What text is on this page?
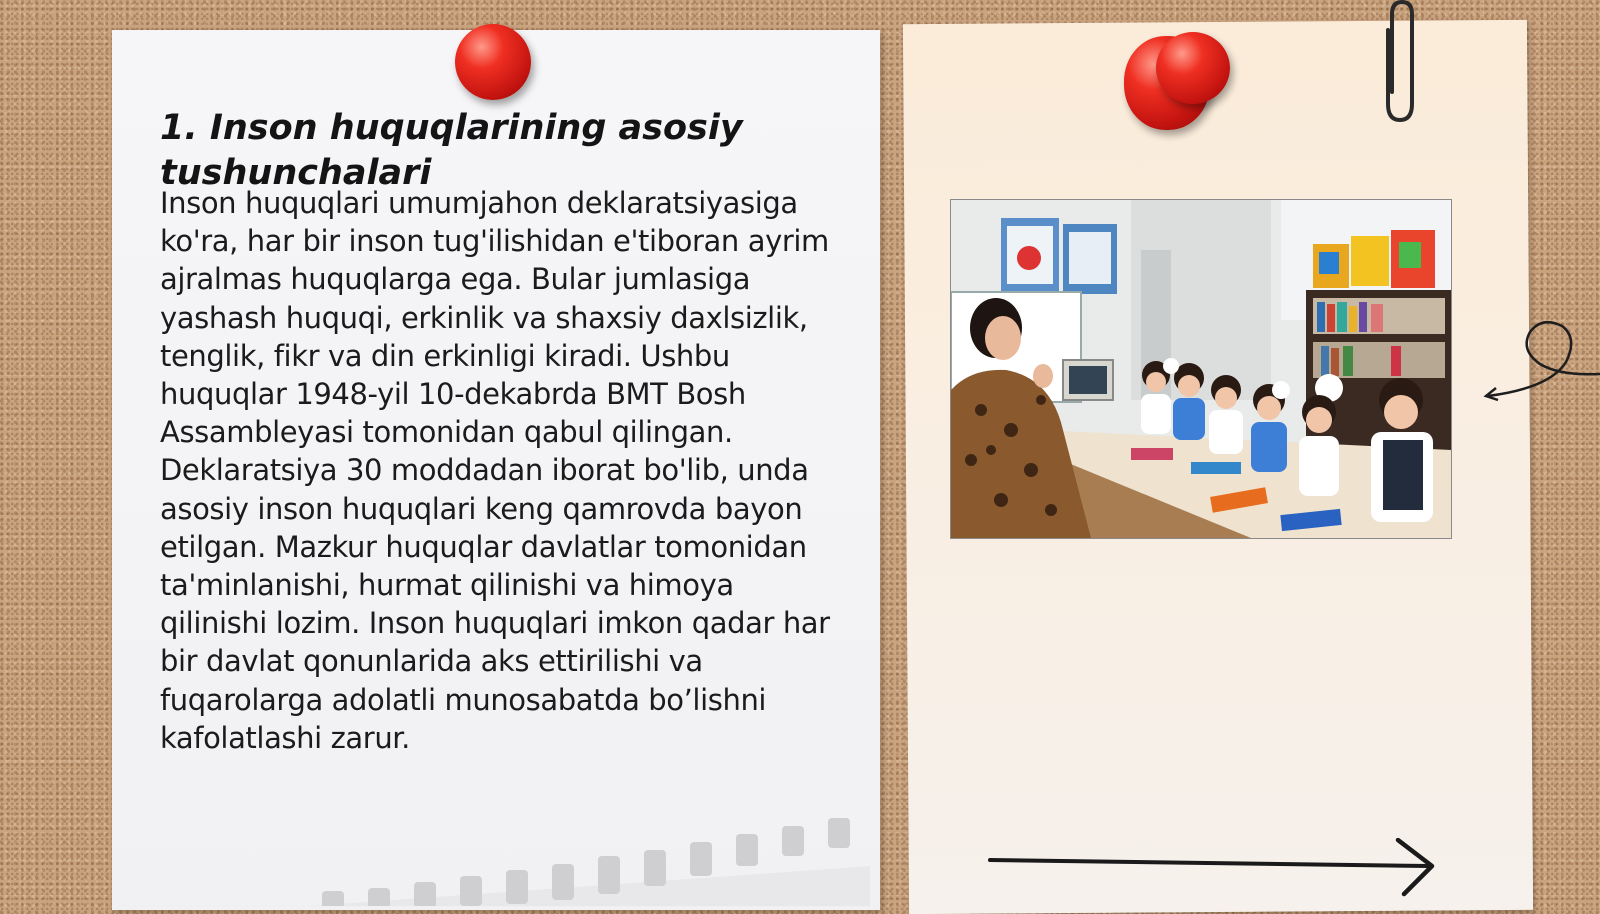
1. Inson huquqlarining asosiy tushunchalari

Inson huquqlari umumjahon deklaratsiyasiga ko'ra, har bir inson tug'ilishidan e'tiboran ayrim ajralmas huquqlarga ega. Bular jumlasiga yashash huquqi, erkinlik va shaxsiy daxlsizlik, tenglik, fikr va din erkinligi kiradi. Ushbu huquqlar 1948-yil 10-dekabrda BMT Bosh Assambleyasi tomonidan qabul qilingan. Deklaratsiya 30 moddadan iborat bo'lib, unda asosiy inson huquqlari keng qamrovda bayon etilgan. Mazkur huquqlar davlatlar tomonidan ta'minlanishi, hurmat qilinishi va himoya qilinishi lozim. Inson huquqlari imkon qadar har bir davlat qonunlarida aks ettirilishi va fuqarolarga adolatli munosabatda bo’lishni kafolatlashi zarur.
